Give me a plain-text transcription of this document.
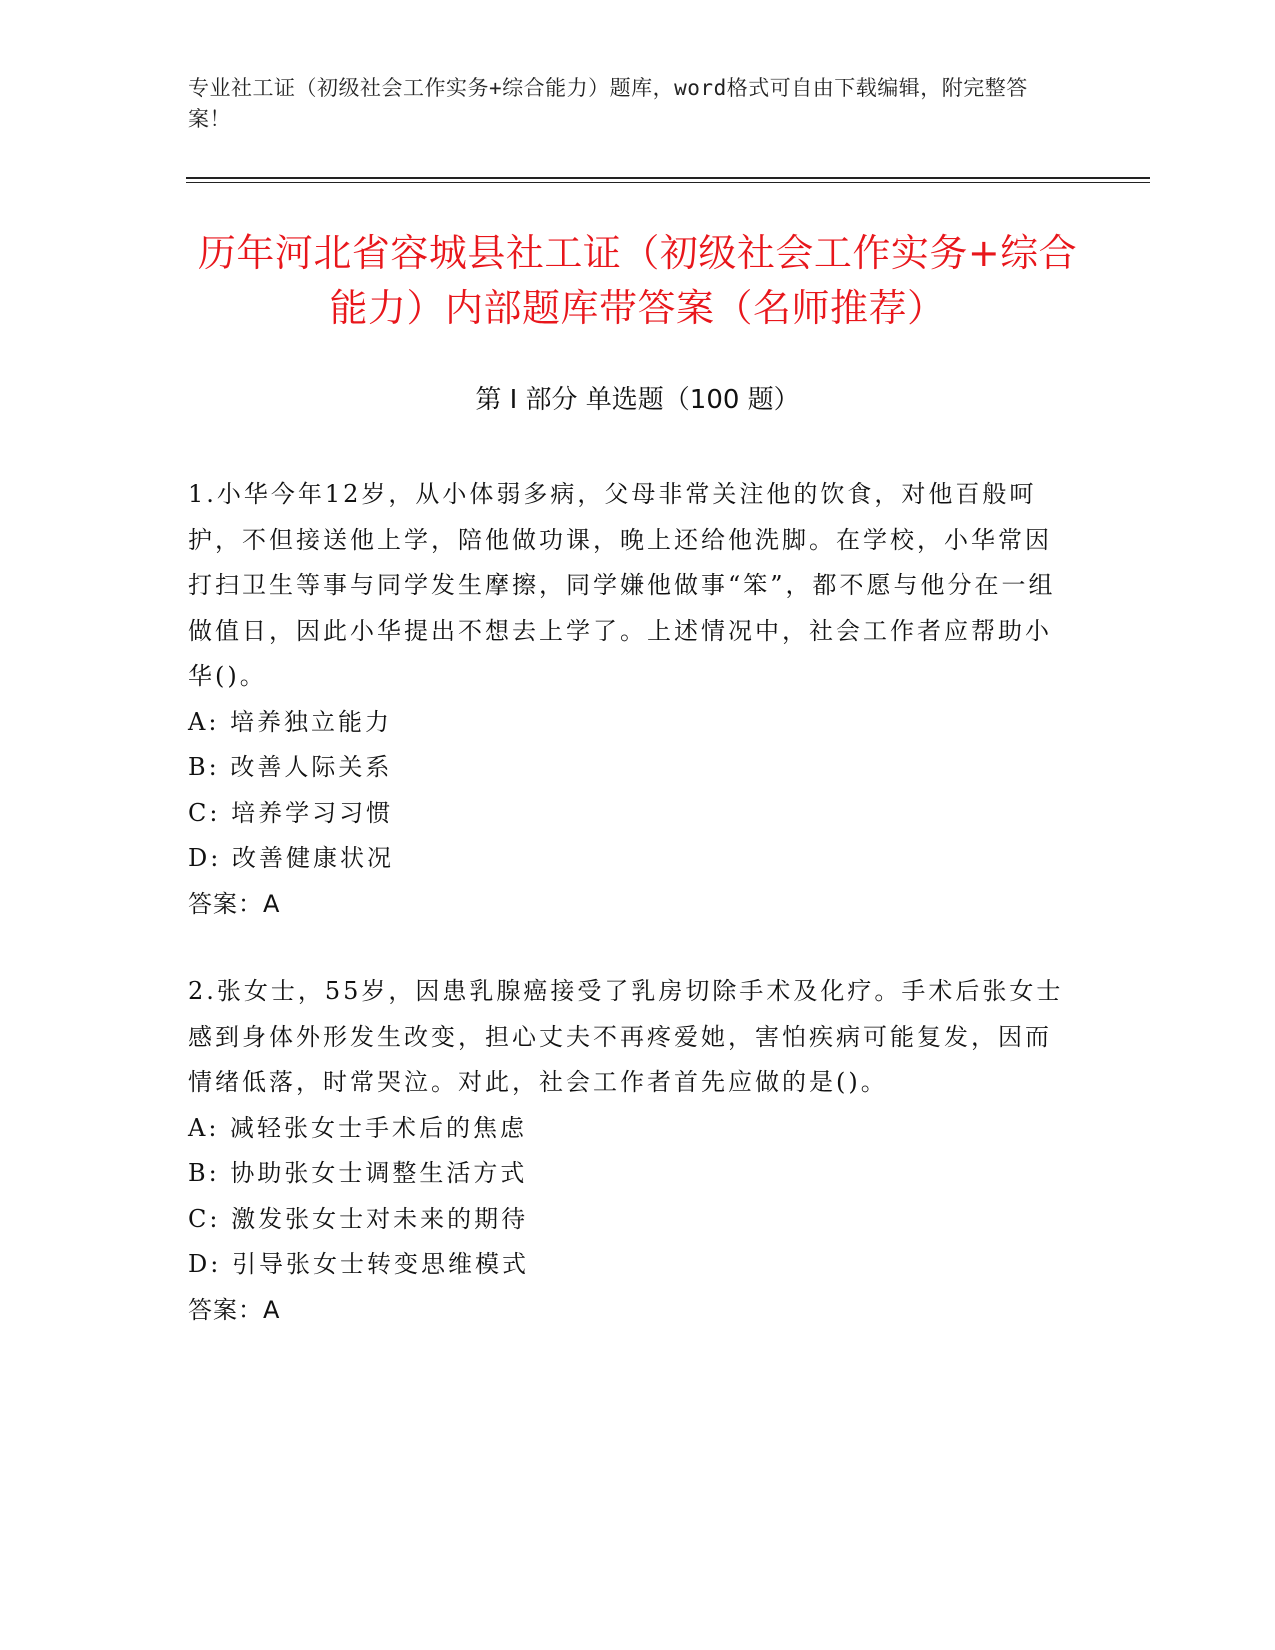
专业社工证（初级社会工作实务+综合能力）题库，word格式可自由下载编辑，附完整答案！
历年河北省容城县社工证（初级社会工作实务+综合能力）内部题库带答案（名师推荐）
第 I 部分 单选题（100 题）

1.小华今年12岁，从小体弱多病，父母非常关注他的饮食，对他百般呵护，不但接送他上学，陪他做功课，晚上还给他洗脚。在学校，小华常因打扫卫生等事与同学发生摩擦，同学嫌他做事“笨”，都不愿与他分在一组做值日，因此小华提出不想去上学了。上述情况中，社会工作者应帮助小华()。

A: 培养独立能力

B: 改善人际关系

C: 培养学习习惯

D: 改善健康状况

答案：A

2.张女士，55岁，因患乳腺癌接受了乳房切除手术及化疗。手术后张女士感到身体外形发生改变，担心丈夫不再疼爱她，害怕疾病可能复发，因而情绪低落，时常哭泣。对此，社会工作者首先应做的是()。

A: 减轻张女士手术后的焦虑

B: 协助张女士调整生活方式

C: 激发张女士对未来的期待

D: 引导张女士转变思维模式

答案：A
